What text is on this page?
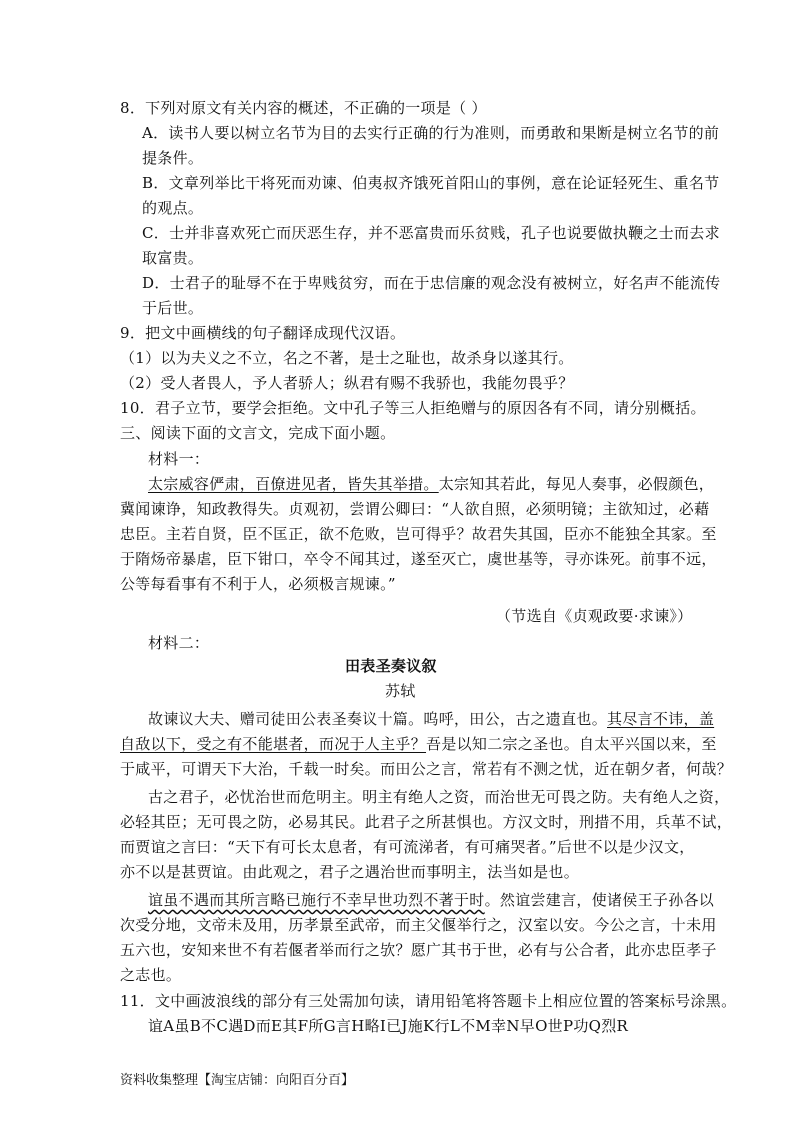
8．下列对原文有关内容的概述，不正确的一项是（ ）
A．读书人要以树立名节为目的去实行正确的行为准则，而勇敢和果断是树立名节的前
提条件。
B．文章列举比干将死而劝谏、伯夷叔齐饿死首阳山的事例，意在论证轻死生、重名节
的观点。
C．士并非喜欢死亡而厌恶生存，并不恶富贵而乐贫贱，孔子也说要做执鞭之士而去求
取富贵。
D．士君子的耻辱不在于卑贱贫穷，而在于忠信廉的观念没有被树立，好名声不能流传
于后世。
9．把文中画横线的句子翻译成现代汉语。
（1）以为夫义之不立，名之不著，是士之耻也，故杀身以遂其行。
（2）受人者畏人，予人者骄人；纵君有赐不我骄也，我能勿畏乎？
10．君子立节，要学会拒绝。文中孔子等三人拒绝赠与的原因各有不同，请分别概括。
三、阅读下面的文言文，完成下面小题。
材料一：
太宗威容俨肃，百僚进见者，皆失其举措。太宗知其若此，每见人奏事，必假颜色，
冀闻谏诤，知政教得失。贞观初，尝谓公卿曰：“人欲自照，必须明镜；主欲知过，必藉
忠臣。主若自贤，臣不匡正，欲不危败，岂可得乎？故君失其国，臣亦不能独全其家。至
于隋炀帝暴虐，臣下钳口，卒令不闻其过，遂至灭亡，虞世基等，寻亦诛死。前事不远，
公等每看事有不利于人，必须极言规谏。”
（节选自《贞观政要·求谏》）
材料二：
田表圣奏议叙
苏轼
故谏议大夫、赠司徒田公表圣奏议十篇。呜呼，田公，古之遗直也。其尽言不讳，盖
自敌以下，受之有不能堪者，而况于人主乎？吾是以知二宗之圣也。自太平兴国以来，至
于咸平，可谓天下大治，千载一时矣。而田公之言，常若有不测之忧，近在朝夕者，何哉？
古之君子，必忧治世而危明主。明主有绝人之资，而治世无可畏之防。夫有绝人之资，
必轻其臣；无可畏之防，必易其民。此君子之所甚惧也。方汉文时，刑措不用，兵革不试，
而贾谊之言曰：“天下有可长太息者，有可流涕者，有可痛哭者。”后世不以是少汉文，
亦不以是甚贾谊。由此观之，君子之遇治世而事明主，法当如是也。
谊虽不遇而其所言略已施行不幸早世功烈不著于时。然谊尝建言，使诸侯王子孙各以
次受分地，文帝未及用，历孝景至武帝，而主父偃举行之，汉室以安。今公之言，十未用
五六也，安知来世不有若偃者举而行之欤？愿广其书于世，必有与公合者，此亦忠臣孝子
之志也。
11．文中画波浪线的部分有三处需加句读，请用铅笔将答题卡上相应位置的答案标号涂黑。
谊A虽B不C遇D而E其F所G言H略I已J施K行L不M幸N早O世P功Q烈R
资料收集整理【淘宝店铺：向阳百分百】
